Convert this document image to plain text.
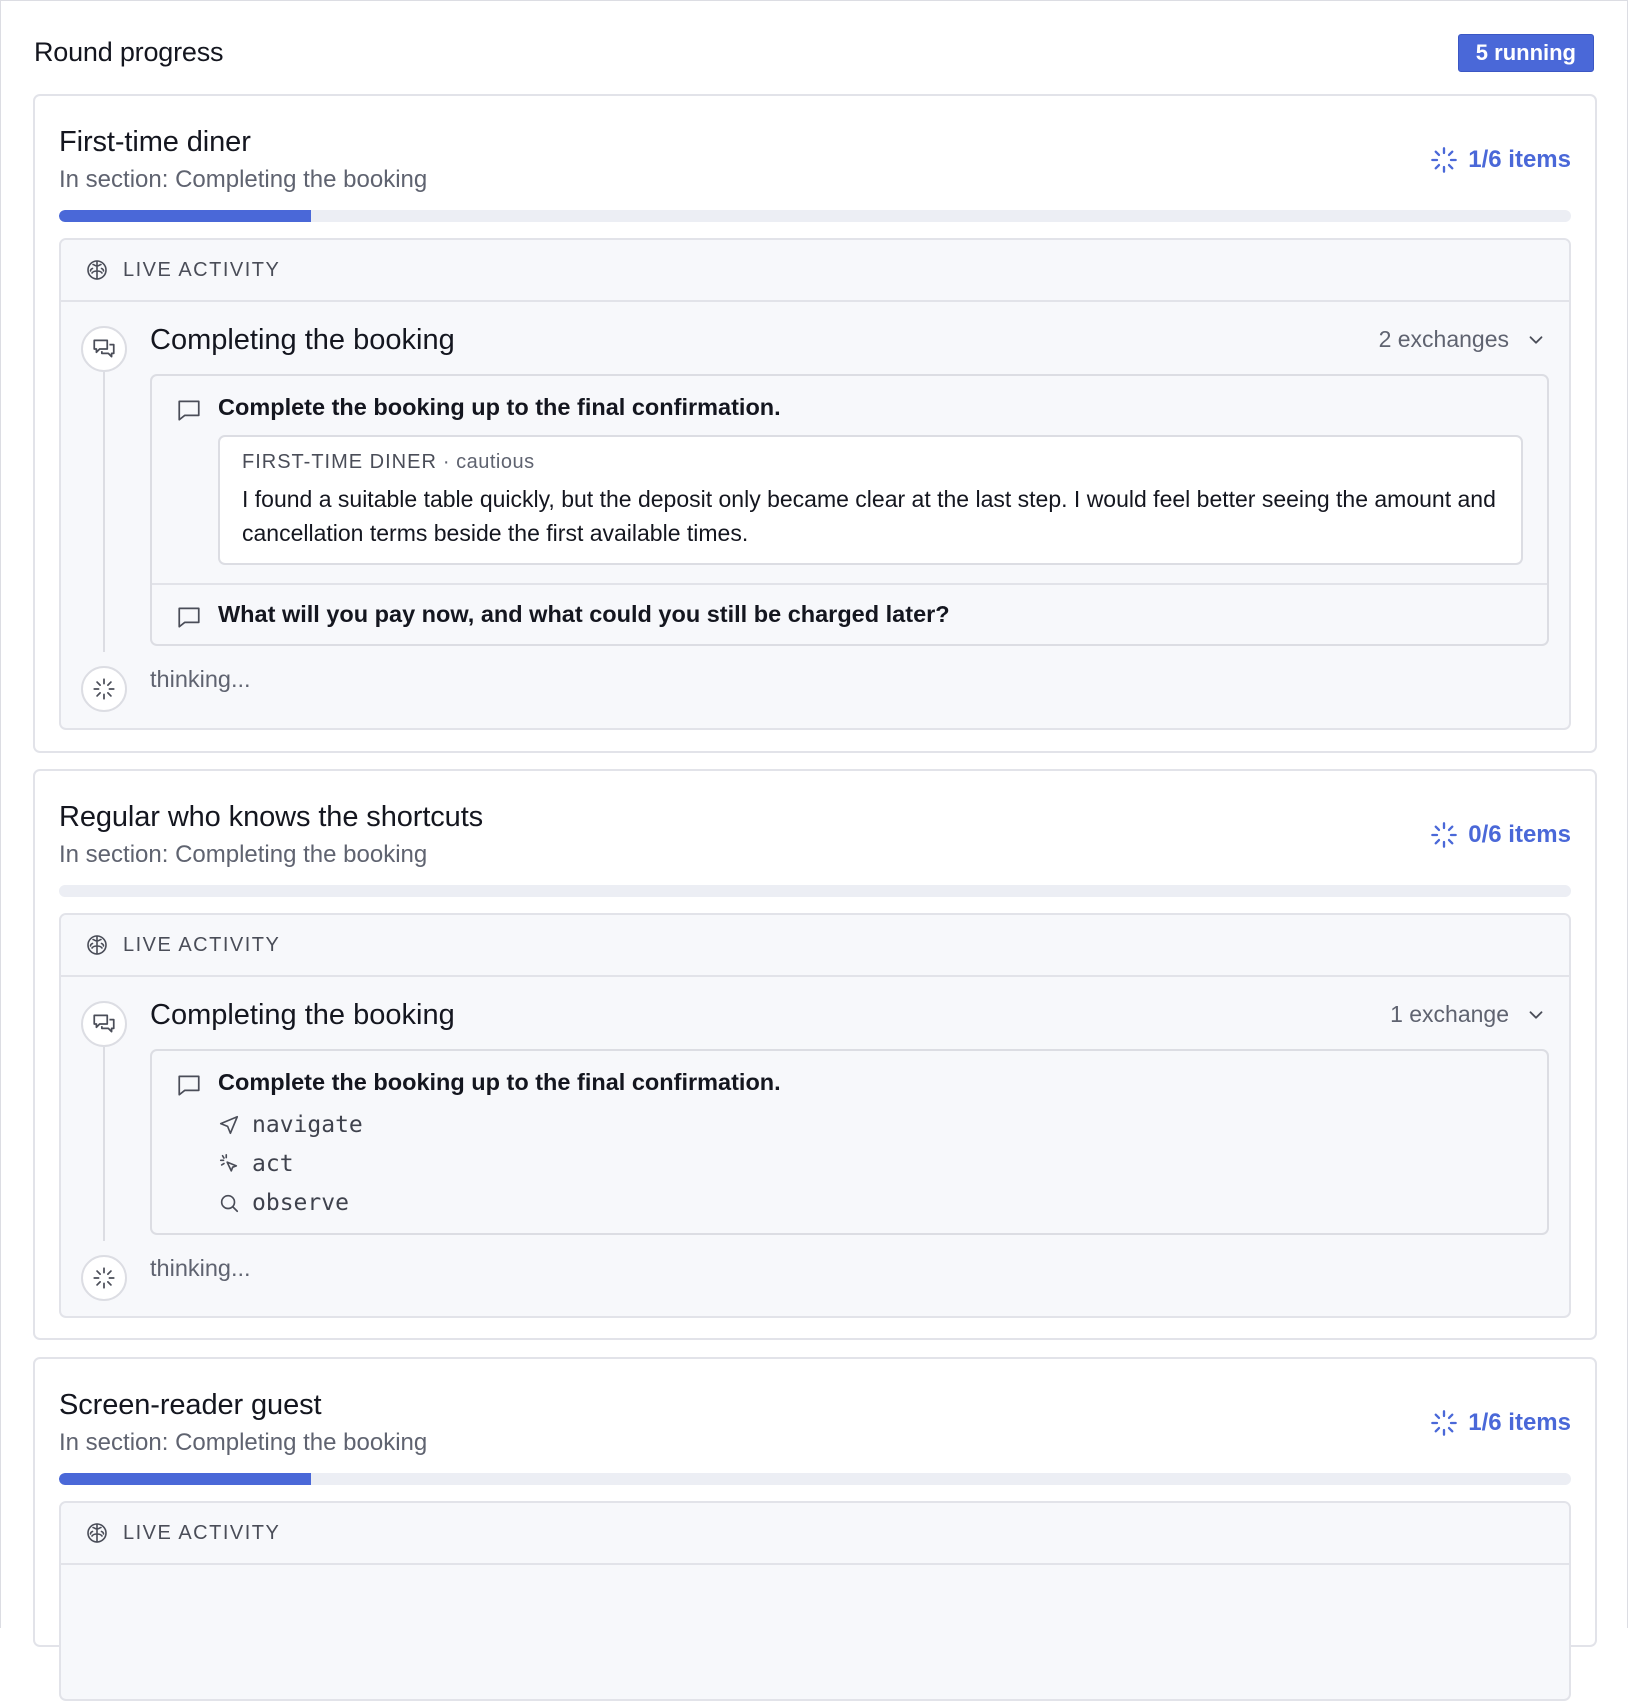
Round progress	5 running
First-time diner
In section: Completing the booking
1/6 items
LIVE ACTIVITY
Completing the booking	2 exchanges
Complete the booking up to the final confirmation.
FIRST-TIME DINER · cautious
I found a suitable table quickly, but the deposit only became clear at the last step. I would feel better seeing the amount and cancellation terms beside the first available times.
What will you pay now, and what could you still be charged later?
thinking...
Regular who knows the shortcuts
In section: Completing the booking
0/6 items
LIVE ACTIVITY
Completing the booking	1 exchange
Complete the booking up to the final confirmation.
navigate
act
observe
thinking...
Screen-reader guest
In section: Completing the booking
1/6 items
LIVE ACTIVITY
